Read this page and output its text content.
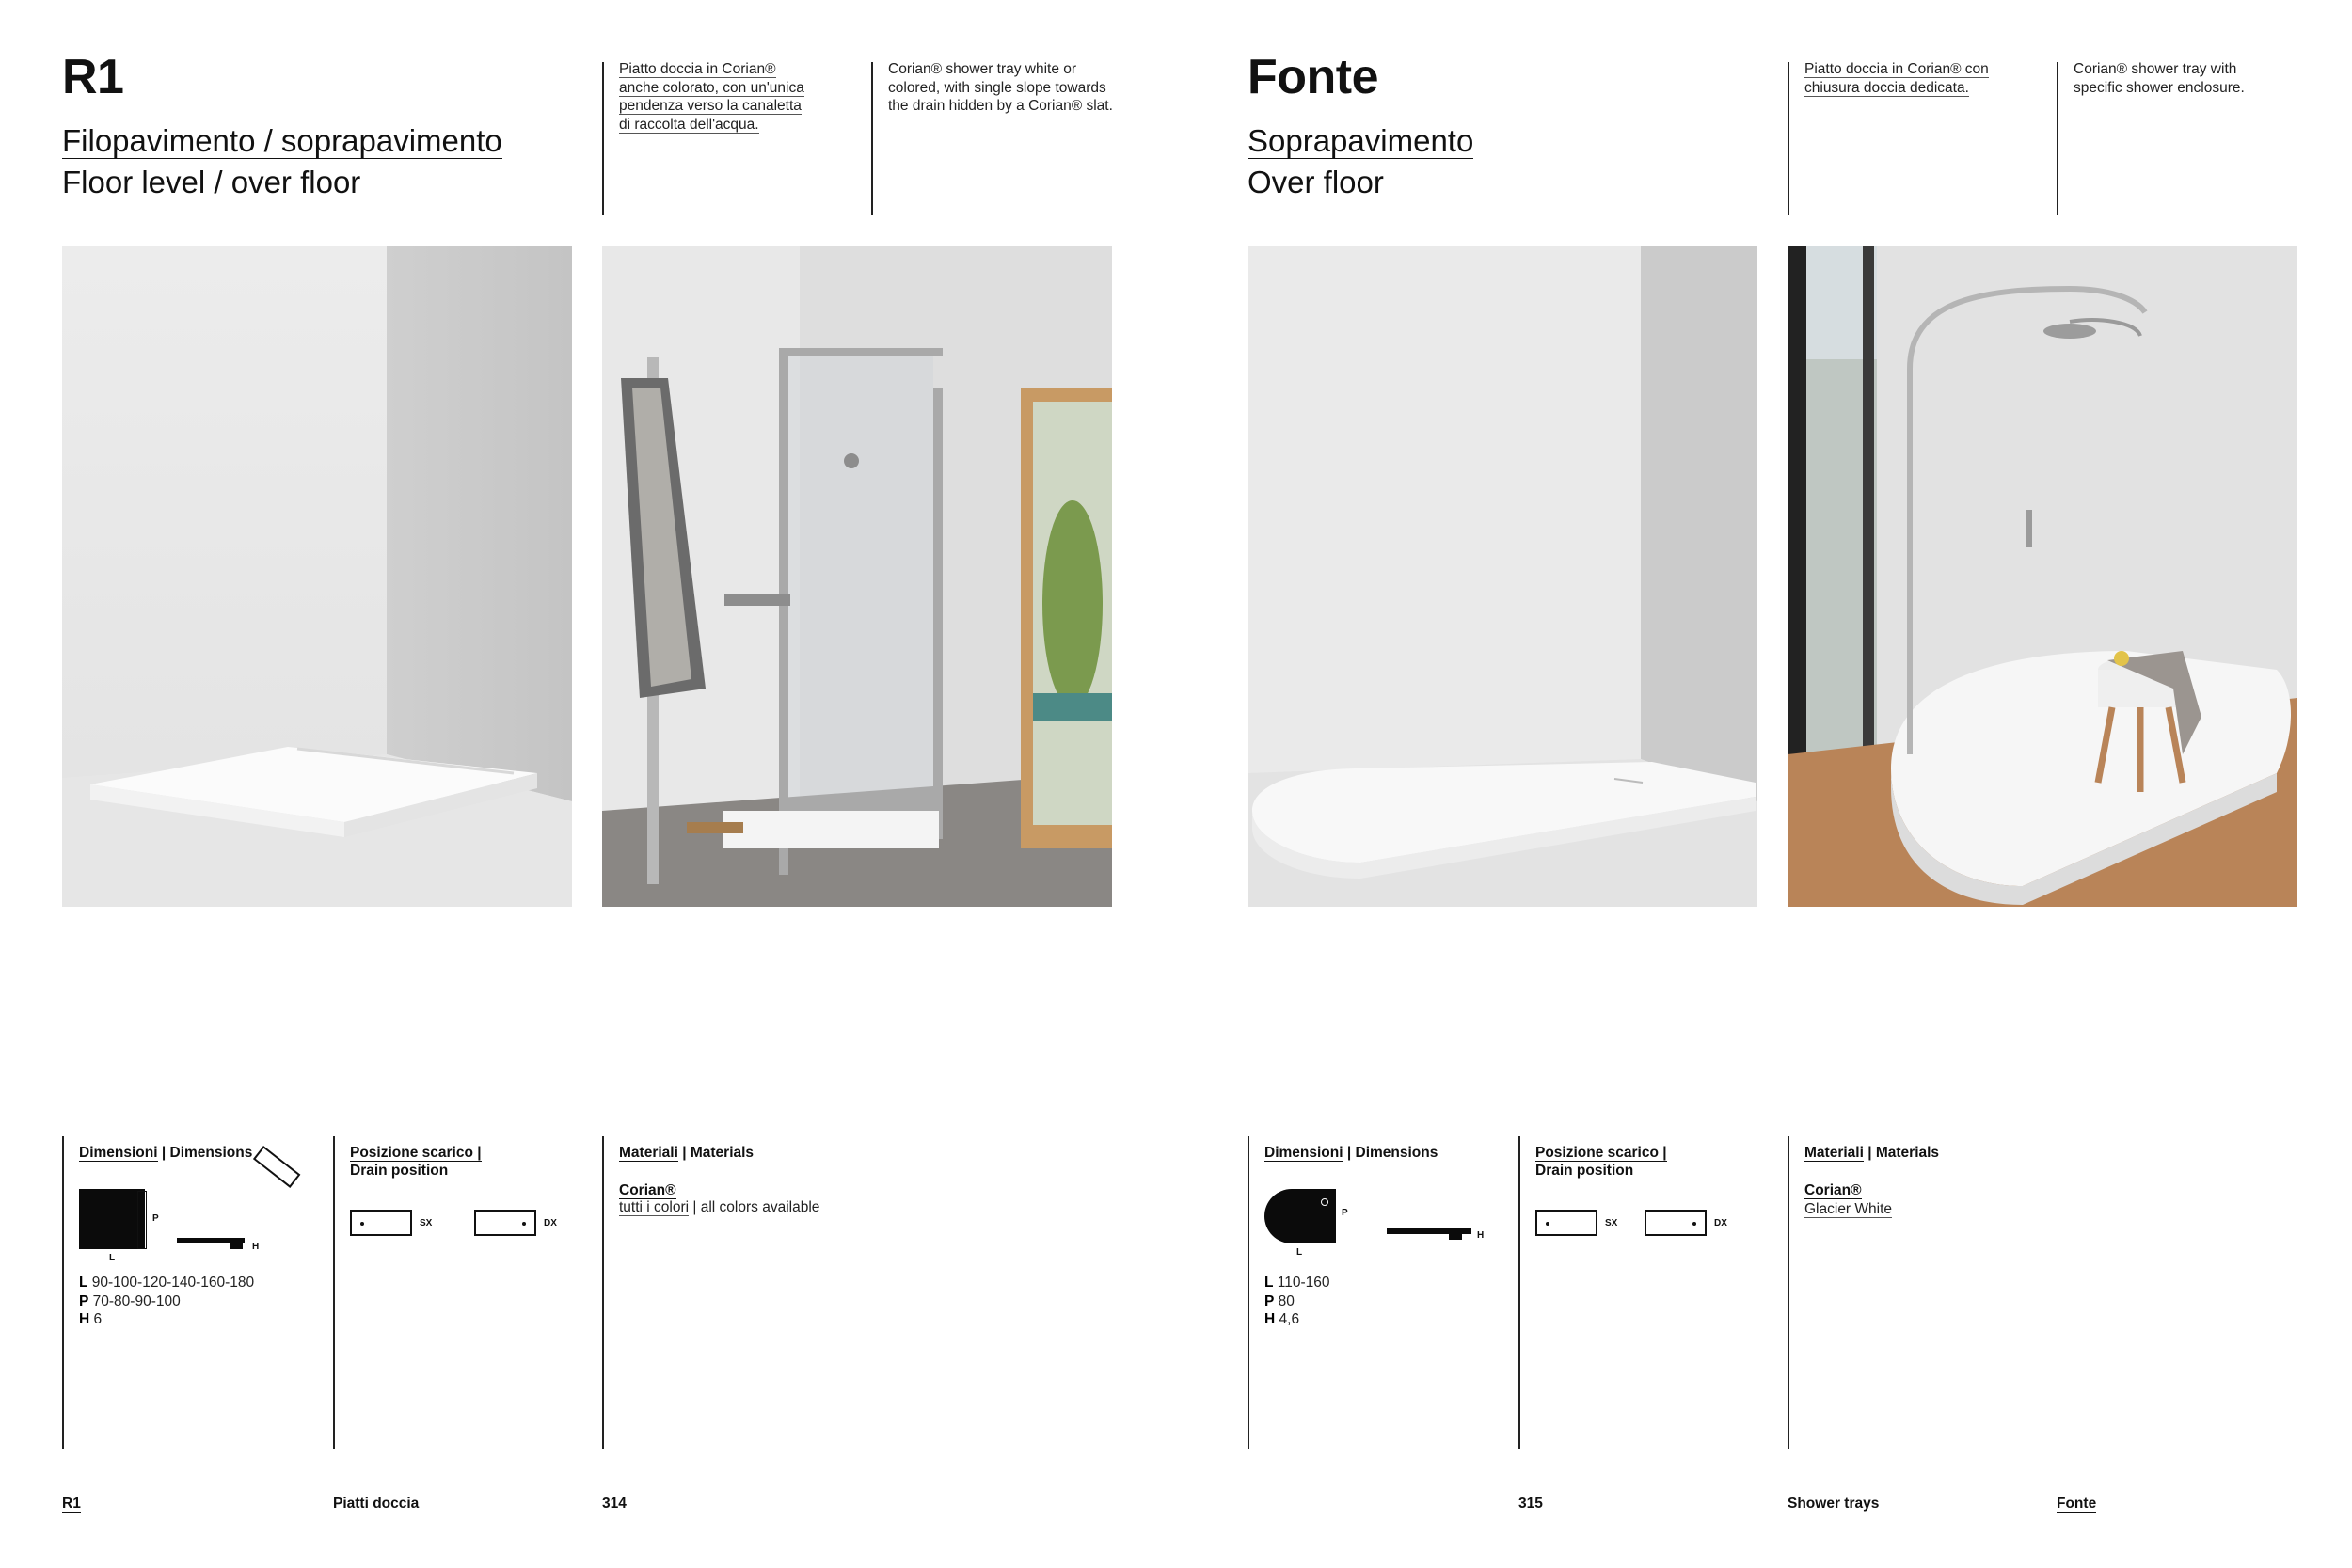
R1
Filopavimento / soprapavimento
Floor level / over floor
Piatto doccia in Corian®
anche colorato, con un'unica
pendenza verso la canaletta
di raccolta dell'acqua.
Corian® shower tray white or
colored, with single slope towards
the drain hidden by a Corian® slat.
Dimensioni | Dimensions
P
L
H
L 90-100-120-140-160-180
P 70-80-90-100
H 6
Posizione scarico |
Drain position
SX	DX
Materiali | Materials
Corian®
tutti i colori | all colors available
R1	Piatti doccia	314
Fonte
Soprapavimento
Over floor
Piatto doccia in Corian® con
chiusura doccia dedicata.
Corian® shower tray with
specific shower enclosure.
Dimensioni | Dimensions
P
L
H
L 110-160
P 80
H 4,6
Posizione scarico |
Drain position
SX	DX
Materiali | Materials
Corian®
Glacier White
315	Shower trays	Fonte
